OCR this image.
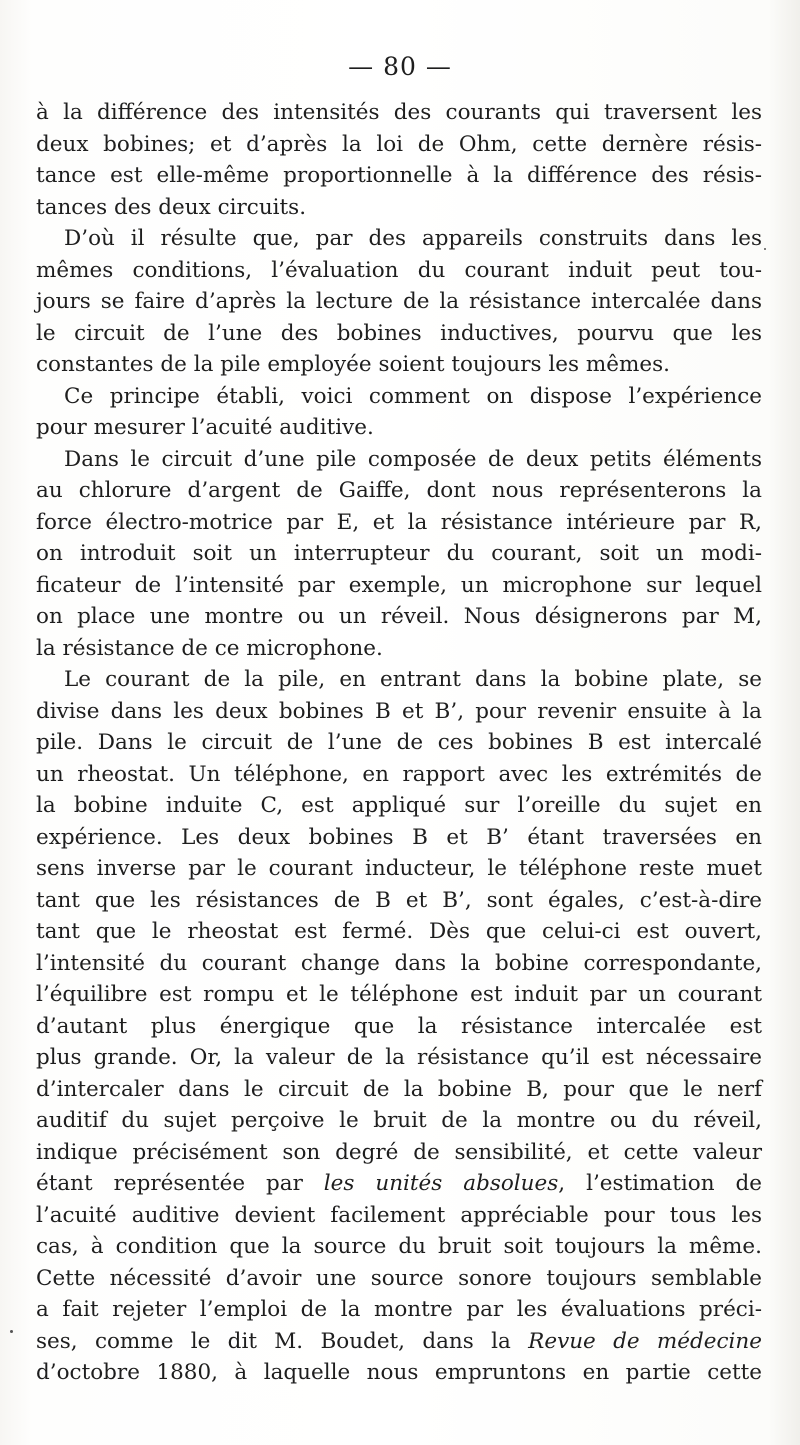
— 80 —
à la différence des intensités des courants qui traversent les
deux bobines; et d’après la loi de Ohm, cette dernère résis-
tance est elle-même proportionnelle à la différence des résis-
tances des deux circuits.
D’où il résulte que, par des appareils construits dans les
mêmes conditions, l’évaluation du courant induit peut tou-
jours se faire d’après la lecture de la résistance intercalée dans
le circuit de l’une des bobines inductives, pourvu que les
constantes de la pile employée soient toujours les mêmes.
Ce principe établi, voici comment on dispose l’expérience
pour mesurer l’acuité auditive.
Dans le circuit d’une pile composée de deux petits éléments
au chlorure d’argent de Gaiffe, dont nous représenterons la
force électro-motrice par E, et la résistance intérieure par R,
on introduit soit un interrupteur du courant, soit un modi-
ficateur de l’intensité par exemple, un microphone sur lequel
on place une montre ou un réveil. Nous désignerons par M,
la résistance de ce microphone.
Le courant de la pile, en entrant dans la bobine plate, se
divise dans les deux bobines B et B’, pour revenir ensuite à la
pile. Dans le circuit de l’une de ces bobines B est intercalé
un rheostat. Un téléphone, en rapport avec les extrémités de
la bobine induite C, est appliqué sur l’oreille du sujet en
expérience. Les deux bobines B et B’ étant traversées en
sens inverse par le courant inducteur, le téléphone reste muet
tant que les résistances de B et B’, sont égales, c’est-à-dire
tant que le rheostat est fermé. Dès que celui-ci est ouvert,
l’intensité du courant change dans la bobine correspondante,
l’équilibre est rompu et le téléphone est induit par un courant
d’autant plus énergique que la résistance intercalée est
plus grande. Or, la valeur de la résistance qu’il est nécessaire
d’intercaler dans le circuit de la bobine B, pour que le nerf
auditif du sujet perçoive le bruit de la montre ou du réveil,
indique précisément son degré de sensibilité, et cette valeur
étant représentée par les unités absolues, l’estimation de
l’acuité auditive devient facilement appréciable pour tous les
cas, à condition que la source du bruit soit toujours la même.
Cette nécessité d’avoir une source sonore toujours semblable
a fait rejeter l’emploi de la montre par les évaluations préci-
ses, comme le dit M. Boudet, dans la Revue de médecine
d’octobre 1880, à laquelle nous empruntons en partie cette
